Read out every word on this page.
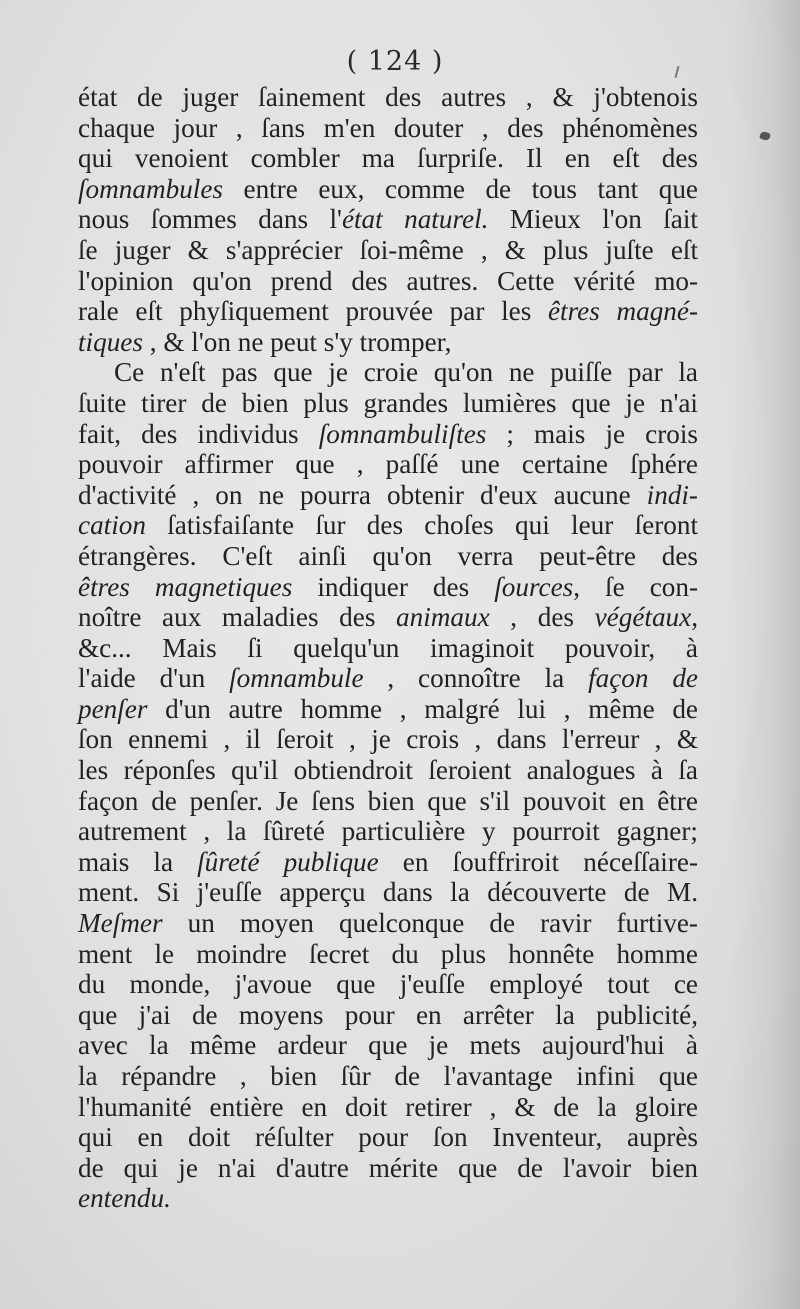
( 124 )
état de juger ſainement des autres , & j'obtenois
chaque jour , ſans m'en douter , des phénomènes
qui venoient combler ma ſurpriſe. Il en eſt des
ſomnambules entre eux, comme de tous tant que
nous ſommes dans l'état naturel. Mieux l'on ſait
ſe juger & s'apprécier ſoi-même , & plus juſte eſt
l'opinion qu'on prend des autres. Cette vérité mo-
rale eſt phyſiquement prouvée par les êtres magné-
tiques , & l'on ne peut s'y tromper,
Ce n'eſt pas que je croie qu'on ne puiſſe par la
ſuite tirer de bien plus grandes lumières que je n'ai
fait, des individus ſomnambuliſtes ; mais je crois
pouvoir affirmer que , paſſé une certaine ſphére
d'activité , on ne pourra obtenir d'eux aucune indi-
cation ſatisfaiſante ſur des choſes qui leur ſeront
étrangères. C'eſt ainſi qu'on verra peut-être des
êtres magnetiques indiquer des ſources, ſe con-
noître aux maladies des animaux , des végétaux,
&c... Mais ſi quelqu'un imaginoit pouvoir, à
l'aide d'un ſomnambule , connoître la façon de
penſer d'un autre homme , malgré lui , même de
ſon ennemi , il ſeroit , je crois , dans l'erreur , &
les réponſes qu'il obtiendroit ſeroient analogues à ſa
façon de penſer. Je ſens bien que s'il pouvoit en être
autrement , la ſûreté particulière y pourroit gagner;
mais la ſûreté publique en ſouffriroit néceſſaire-
ment. Si j'euſſe apperçu dans la découverte de M.
Meſmer un moyen quelconque de ravir furtive-
ment le moindre ſecret du plus honnête homme
du monde, j'avoue que j'euſſe employé tout ce
que j'ai de moyens pour en arrêter la publicité,
avec la même ardeur que je mets aujourd'hui à
la répandre , bien ſûr de l'avantage infini que
l'humanité entière en doit retirer , & de la gloire
qui en doit réſulter pour ſon Inventeur, auprès
de qui je n'ai d'autre mérite que de l'avoir bien
entendu.
